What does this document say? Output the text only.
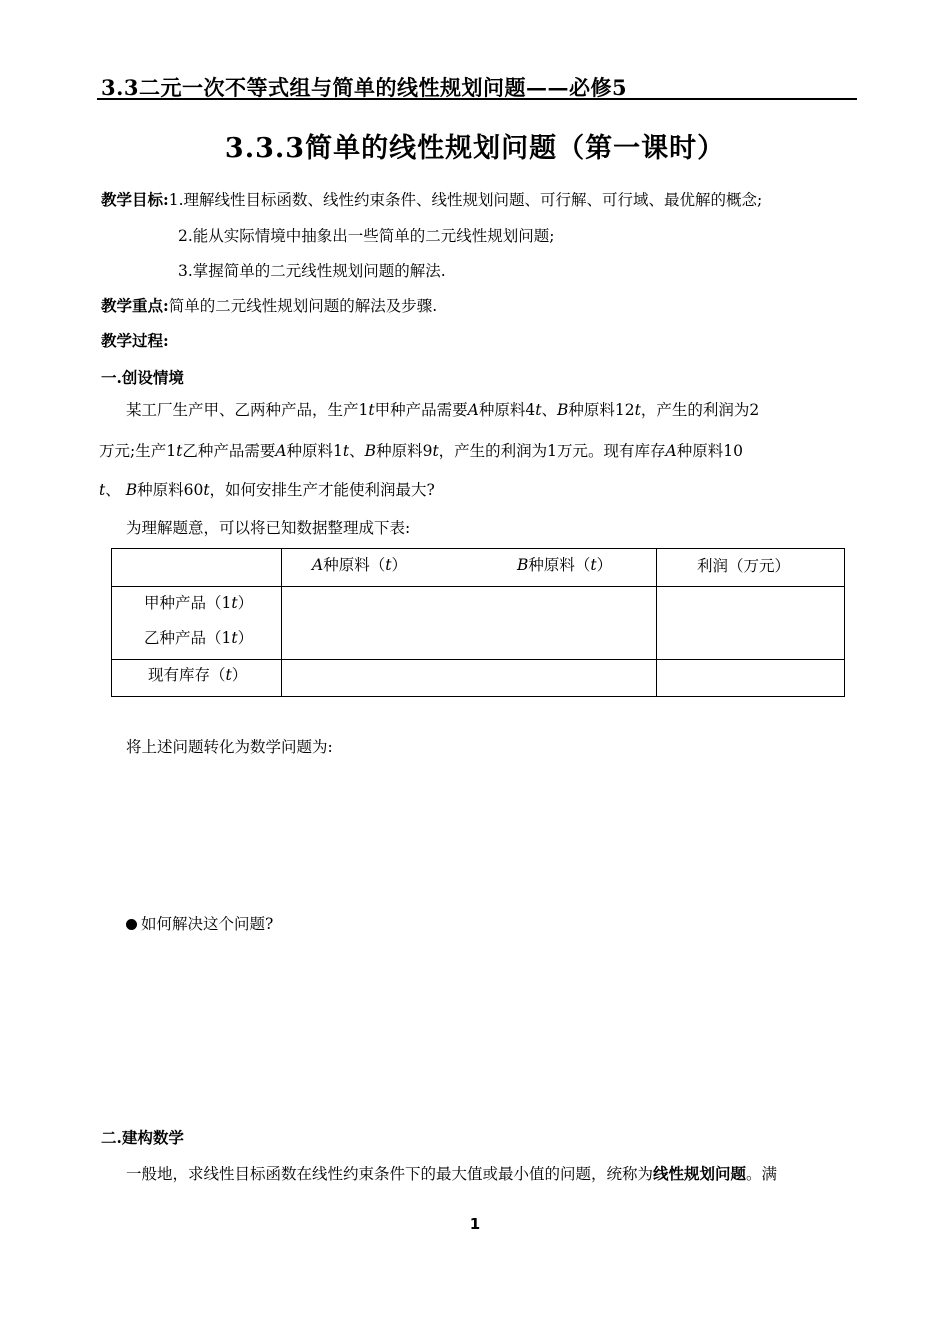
3.3二元一次不等式组与简单的线性规划问题——必修5
3.3.3简单的线性规划问题（第一课时）
教学目标:1.理解线性目标函数、线性约束条件、线性规划问题、可行解、可行域、最优解的概念;
2.能从实际情境中抽象出一些简单的二元线性规划问题;
3.掌握简单的二元线性规划问题的解法.
教学重点:简单的二元线性规划问题的解法及步骤.
教学过程:
一.创设情境
某工厂生产甲、乙两种产品，生产1t甲种产品需要A种原料4t、B种原料12t，产生的利润为2
万元;生产1t乙种产品需要A种原料1t、B种原料9t，产生的利润为1万元。现有库存A种原料10
t、 B种原料60t，如何安排生产才能使利润最大?
为理解题意，可以将已知数据整理成下表:

	A种原料（t） B种原料（t）	利润（万元）

甲种产品（1t）
乙种产品（1t）		

现有库存（t）		

将上述问题转化为数学问题为:
如何解决这个问题?
二.建构数学
一般地，求线性目标函数在线性约束条件下的最大值或最小值的问题，统称为线性规划问题。满
1
